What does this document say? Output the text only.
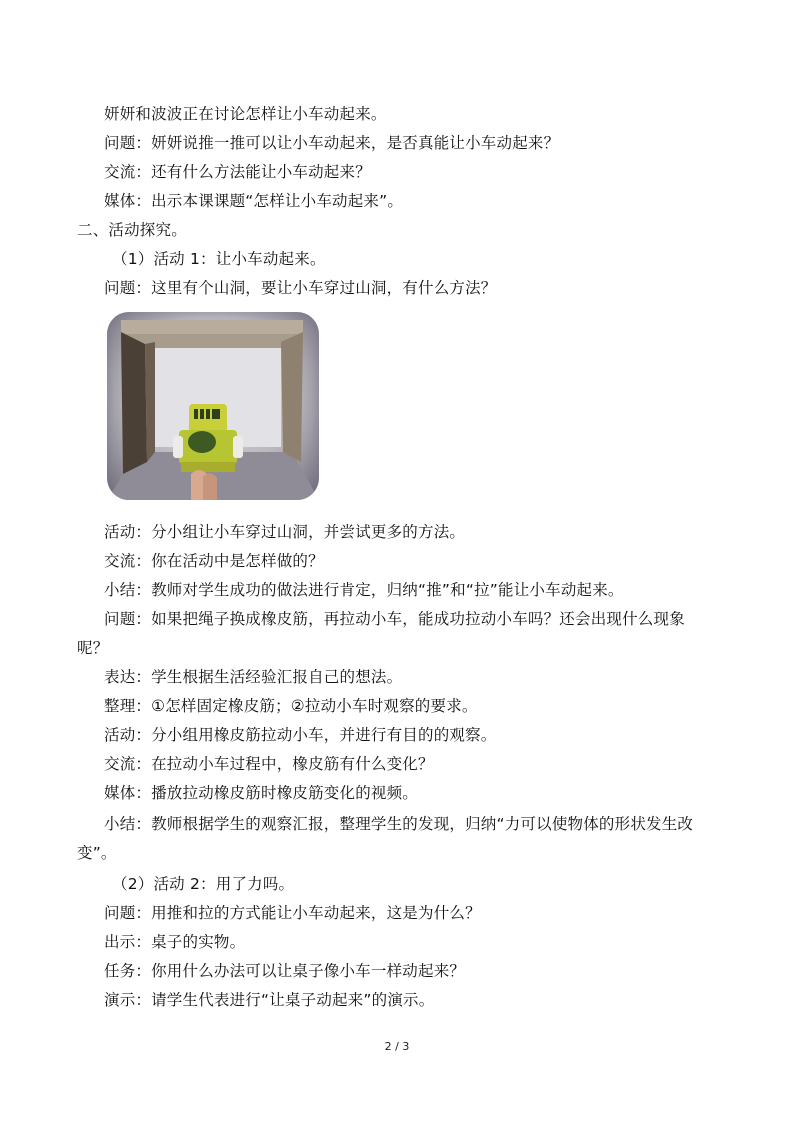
妍妍和波波正在讨论怎样让小车动起来。
问题：妍妍说推一推可以让小车动起来，是否真能让小车动起来？
交流：还有什么方法能让小车动起来？
媒体：出示本课课题“怎样让小车动起来”。
二、活动探究。
（1）活动 1：让小车动起来。
问题：这里有个山洞，要让小车穿过山洞，有什么方法？
活动：分小组让小车穿过山洞，并尝试更多的方法。
交流：你在活动中是怎样做的？
小结：教师对学生成功的做法进行肯定，归纳“推”和“拉”能让小车动起来。
问题：如果把绳子换成橡皮筋，再拉动小车，能成功拉动小车吗？还会出现什么现象
呢？
表达：学生根据生活经验汇报自己的想法。
整理：①怎样固定橡皮筋；②拉动小车时观察的要求。
活动：分小组用橡皮筋拉动小车，并进行有目的的观察。
交流：在拉动小车过程中，橡皮筋有什么变化？
媒体：播放拉动橡皮筋时橡皮筋变化的视频。
小结：教师根据学生的观察汇报，整理学生的发现，归纳“力可以使物体的形状发生改
变”。
（2）活动 2：用了力吗。
问题：用推和拉的方式能让小车动起来，这是为什么？
出示：桌子的实物。
任务：你用什么办法可以让桌子像小车一样动起来？
演示：请学生代表进行“让桌子动起来”的演示。
2 / 3
